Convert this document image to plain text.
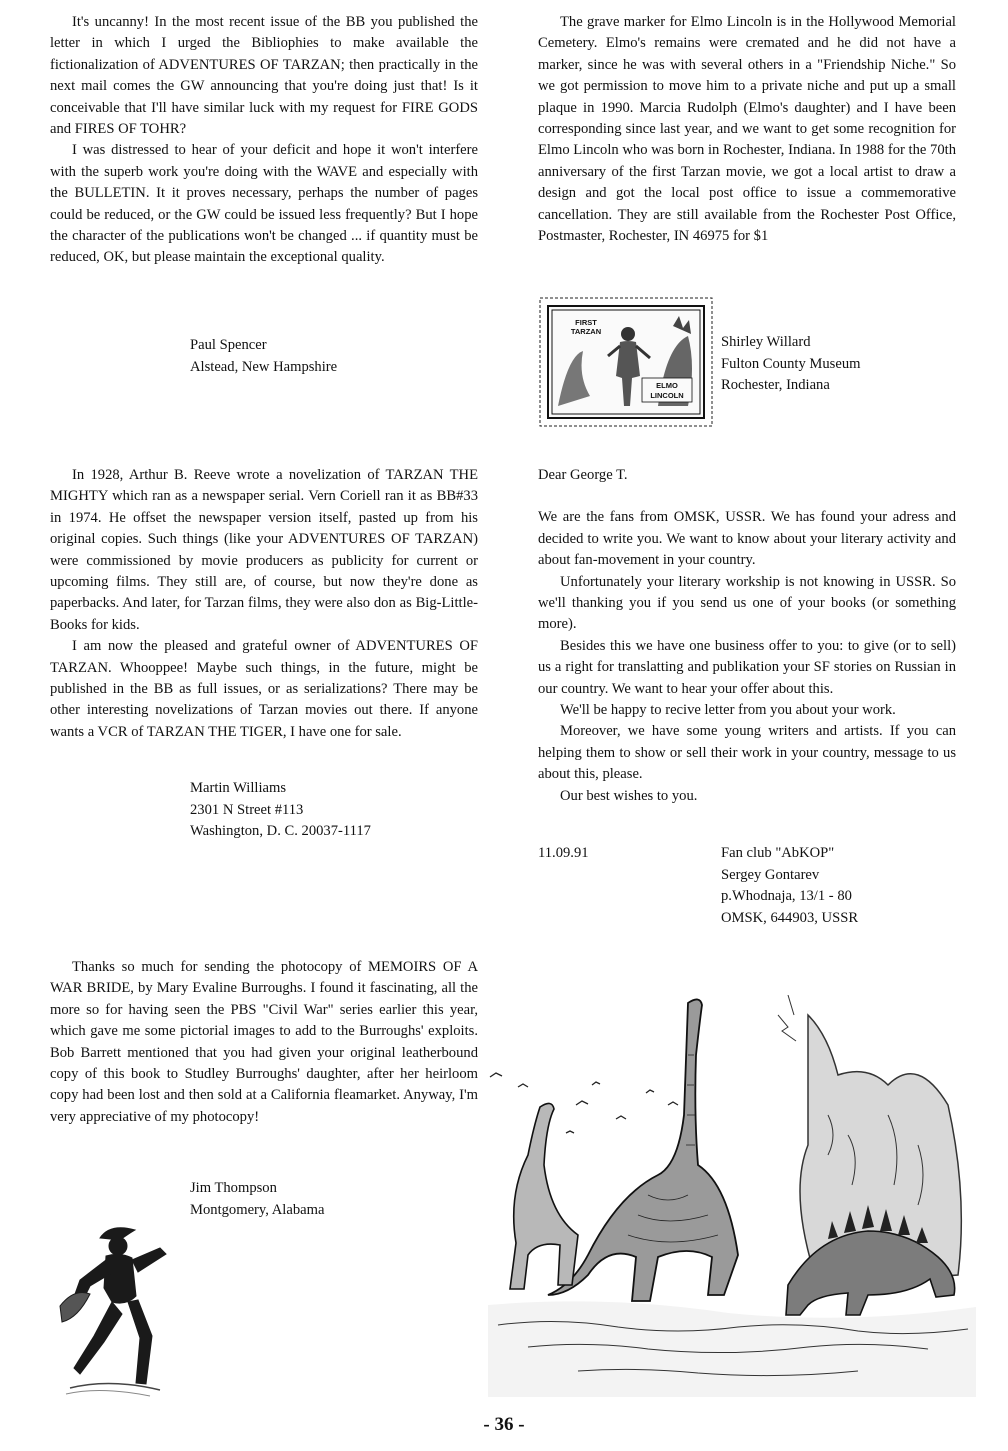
It's uncanny! In the most recent issue of the BB you published the letter in which I urged the Bibliophies to make available the fictionalization of ADVENTURES OF TARZAN; then practically in the next mail comes the GW announcing that you're doing just that! Is it conceivable that I'll have similar luck with my request for FIRE GODS and FIRES OF TOHR?

I was distressed to hear of your deficit and hope it won't interfere with the superb work you're doing with the WAVE and especially with the BULLETIN. It it proves necessary, perhaps the number of pages could be reduced, or the GW could be issued less frequently? But I hope the character of the publications won't be changed ... if quantity must be reduced, OK, but please maintain the exceptional quality.

Paul Spencer
Alstead, New Hampshire

The grave marker for Elmo Lincoln is in the Hollywood Memorial Cemetery. Elmo's remains were cremated and he did not have a marker, since he was with several others in a "Friendship Niche." So we got permission to move him to a private niche and put up a small plaque in 1990. Marcia Rudolph (Elmo's daughter) and I have been corresponding since last year, and we want to get some recognition for Elmo Lincoln who was born in Rochester, Indiana. In 1988 for the 70th anniversary of the first Tarzan movie, we got a local artist to draw a design and got the local post office to issue a commemorative cancellation. They are still available from the Rochester Post Office, Postmaster, Rochester, IN 46975 for $1

FIRST
TARZAN
ELMO
LINCOLN
Shirley Willard
Fulton County Museum
Rochester, Indiana

In 1928, Arthur B. Reeve wrote a novelization of TARZAN THE MIGHTY which ran as a newspaper serial. Vern Coriell ran it as BB#33 in 1974. He offset the newspaper version itself, pasted up from his original copies. Such things (like your ADVENTURES OF TARZAN) were commissioned by movie producers as publicity for current or upcoming films. They still are, of course, but now they're done as paperbacks. And later, for Tarzan films, they were also don as Big-Little-Books for kids.

I am now the pleased and grateful owner of ADVENTURES OF TARZAN. Whooppee! Maybe such things, in the future, might be published in the BB as full issues, or as serializations? There may be other interesting novelizations of Tarzan movies out there. If anyone wants a VCR of TARZAN THE TIGER, I have one for sale.

Martin Williams
2301 N Street #113
Washington, D. C. 20037-1117

Dear George T.

We are the fans from OMSK, USSR. We has found your adress and decided to write you. We want to know about your literary activity and about fan-movement in your country.

Unfortunately your literary workship is not knowing in USSR. So we'll thanking you if you send us one of your books (or something more).

Besides this we have one business offer to you: to give (or to sell) us a right for translatting and publikation your SF stories on Russian in our country. We want to hear your offer about this.

We'll be happy to recive letter from you about your work.

Moreover, we have some young writers and artists. If you can helping them to show or sell their work in your country, message to us about this, please.

Our best wishes to you.

11.09.91	Fan club "AbKOP"
Sergey Gontarev
p.Whodnaja, 13/1 - 80
OMSK, 644903, USSR

Thanks so much for sending the photocopy of MEMOIRS OF A WAR BRIDE, by Mary Evaline Burroughs. I found it fascinating, all the more so for having seen the PBS "Civil War" series earlier this year, which gave me some pictorial images to add to the Burroughs' exploits. Bob Barrett mentioned that you had given your original leatherbound copy of this book to Studley Burroughs' daughter, after her heirloom copy had been lost and then sold at a California fleamarket. Anyway, I'm very appreciative of my photocopy!

Jim Thompson
Montgomery, Alabama
- 36 -
